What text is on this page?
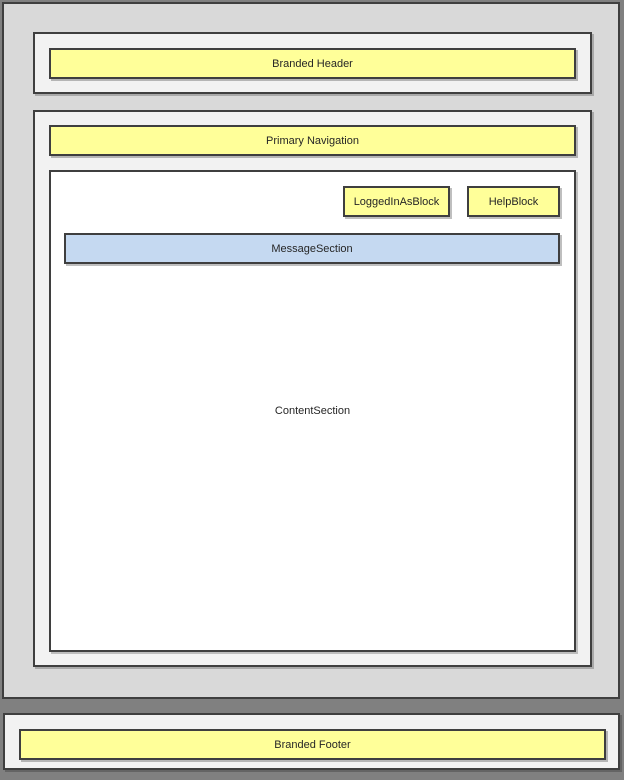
Branded Header
Primary Navigation
ContentSection
LoggedInAsBlock	HelpBlock
MessageSection
Branded Footer
